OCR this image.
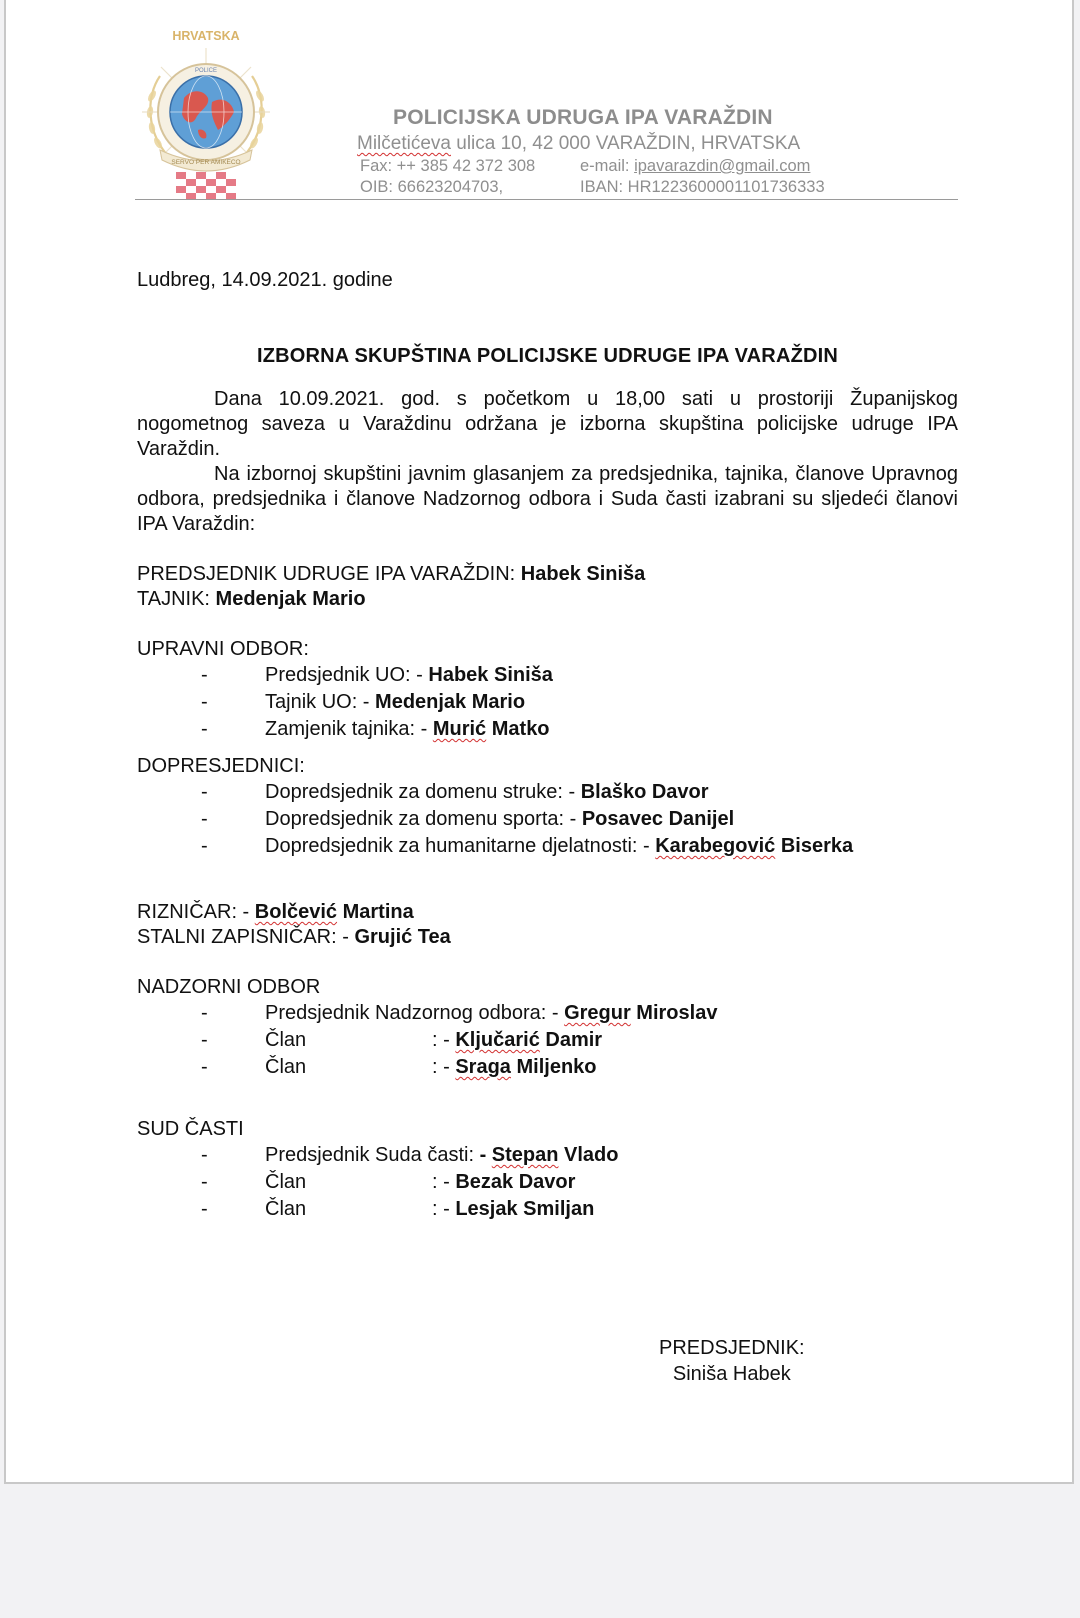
HRVATSKA
POLICE
SERVO PER AMIKECO
POLICIJSKA UDRUGA IPA VARAŽDIN
Milčetićeva ulica 10, 42 000 VARAŽDIN, HRVATSKA
Fax: ++ 385 42 372 308	e-mail: ipavarazdin@gmail.com
OIB: 66623204703,	IBAN: HR1223600001101736333

Ludbreg, 14.09.2021. godine

IZBORNA SKUPŠTINA POLICIJSKE UDRUGE IPA VARAŽDIN

Dana 10.09.2021. god. s početkom u 18,00 sati u prostoriji Županijskog nogometnog saveza u Varaždinu održana je izborna skupština policijske udruge IPA Varaždin.

Na izbornoj skupštini javnim glasanjem za predsjednika, tajnika, članove Upravnog odbora, predsjednika i članove Nadzornog odbora i Suda časti izabrani su sljedeći članovi IPA Varaždin:

PREDSJEDNIK UDRUGE IPA VARAŽDIN: Habek Siniša

TAJNIK: Medenjak Mario

UPRAVNI ODBOR:

-	Predsjednik UO: - Habek Siniša
-	Tajnik UO: - Medenjak Mario
-	Zamjenik tajnika: - Murić Matko

DOPRESJEDNICI:

-	Dopredsjednik za domenu struke: - Blaško Davor
-	Dopredsjednik za domenu sporta: - Posavec Danijel
-	Dopredsjednik za humanitarne djelatnosti: - Karabegović Biserka

RIZNIČAR: - Bolčević Martina

STALNI ZAPISNIČAR: - Grujić Tea

NADZORNI ODBOR

-	Predsjednik Nadzornog odbora: - Gregur Miroslav
-	Član	: - Ključarić Damir
-	Član	: - Sraga Miljenko

SUD ČASTI

-	Predsjednik Suda časti: - Stepan Vlado
-	Član	: - Bezak Davor
-	Član	: - Lesjak Smiljan
PREDSJEDNIK:
Siniša Habek
